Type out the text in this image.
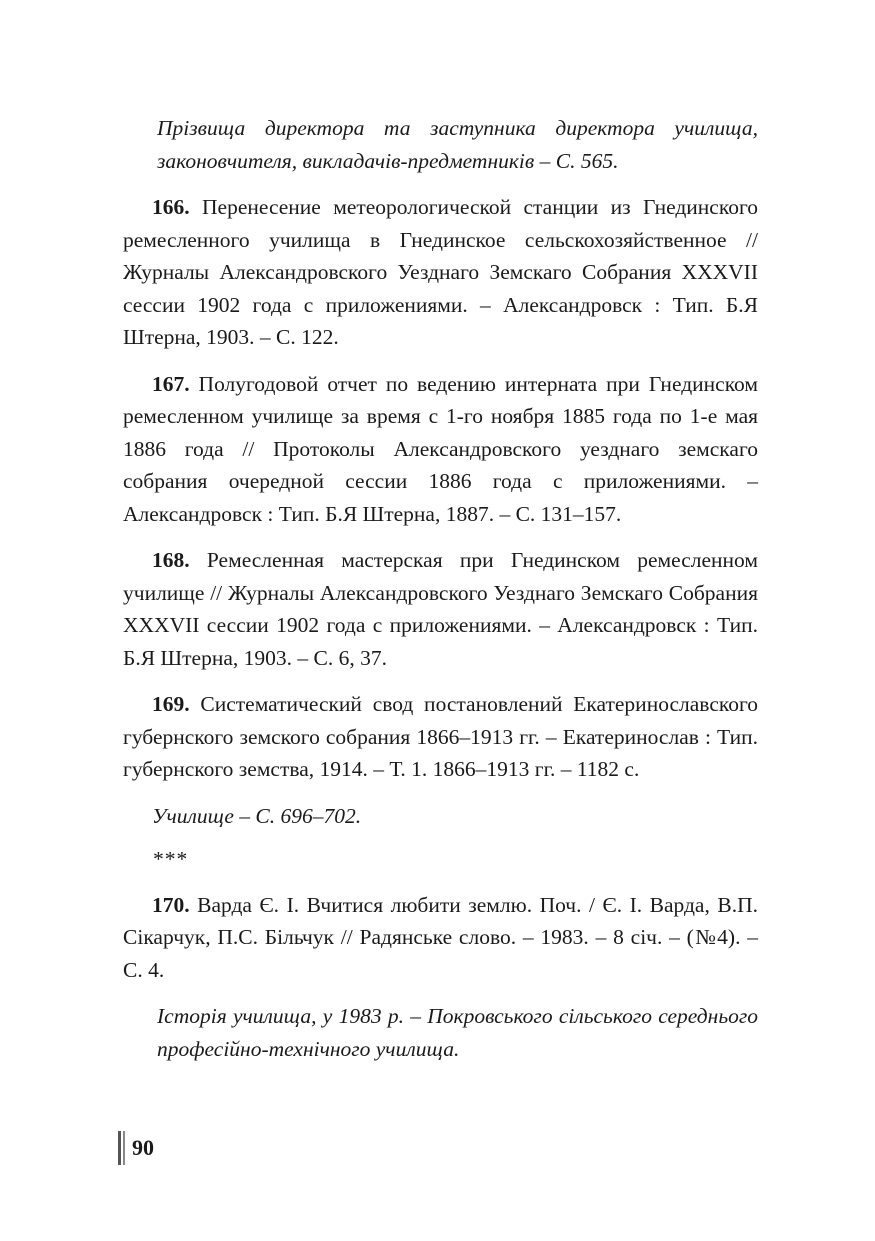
Прізвища директора та заступника директора училища, законовчителя, викладачів-предметників – С. 565.

166. Перенесение метеорологической станции из Гнединского ремесленного училища в Гнединское сельскохозяйственное // Журналы Александровского Уезднаго Земскаго Собрания XXXVII сессии 1902 года с приложениями. – Александровск : Тип. Б.Я Штерна, 1903. – С. 122.

167. Полугодовой отчет по ведению интерната при Гнединском ремесленном училище за время с 1-го ноября 1885 года по 1-е мая 1886 года // Протоколы Александровского уезднаго земскаго собрания очередной сессии 1886 года с приложениями. – Александровск : Тип. Б.Я Штерна, 1887. – С. 131–157.

168. Ремесленная мастерская при Гнединском ремесленном училище // Журналы Александровского Уезднаго Земскаго Собрания XXXVII сессии 1902 года с приложениями. – Александровск : Тип. Б.Я Штерна, 1903. – С. 6, 37.

169. Систематический свод постановлений Екатеринославского губернского земского собрания 1866–1913 гг. – Екатеринослав : Тип. губернского земства, 1914. – Т. 1. 1866–1913 гг. – 1182 с.

Училище – С. 696–702.

***

170. Варда Є. І. Вчитися любити землю. Поч. / Є. І. Варда, В.П. Сікарчук, П.С. Більчук // Радянське слово. – 1983. – 8 січ. – (№4). – С. 4.

Історія училища, у 1983 р. – Покровського сільського середнього професійно-технічного училища.

90
